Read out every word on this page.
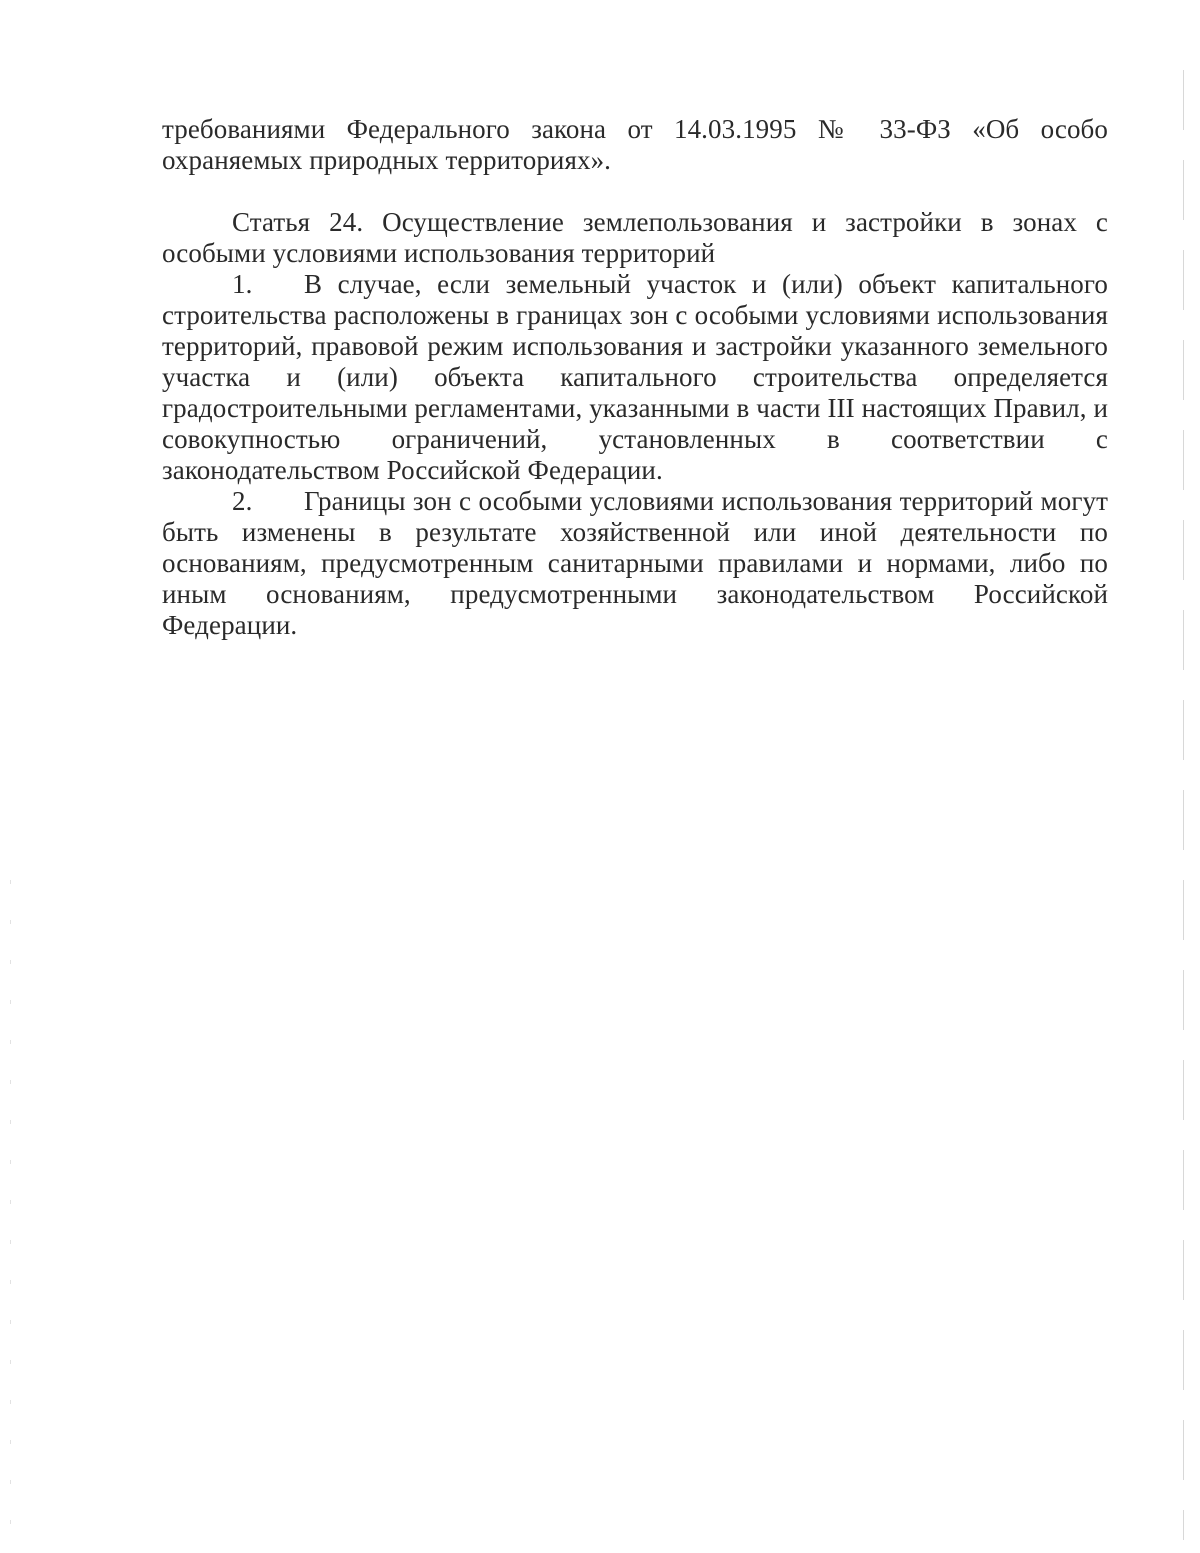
требованиями Федерального закона от 14.03.1995 № 33-ФЗ «Об особо охраняемых природных территориях».

Статья 24. Осуществление землепользования и застройки в зонах с особыми условиями использования территорий

1. В случае, если земельный участок и (или) объект капитального строительства расположены в границах зон с особыми условиями использования территорий, правовой режим использования и застройки указанного земельного участка и (или) объекта капитального строительства определяется градостроительными регламентами, указанными в части III настоящих Правил, и совокупностью ограничений, установленных в соответствии с законодательством Российской Федерации.

2. Границы зон с особыми условиями использования территорий могут быть изменены в результате хозяйственной или иной деятельности по основаниям, предусмотренным санитарными правилами и нормами, либо по иным основаниям, предусмотренными законодательством Российской Федерации.
